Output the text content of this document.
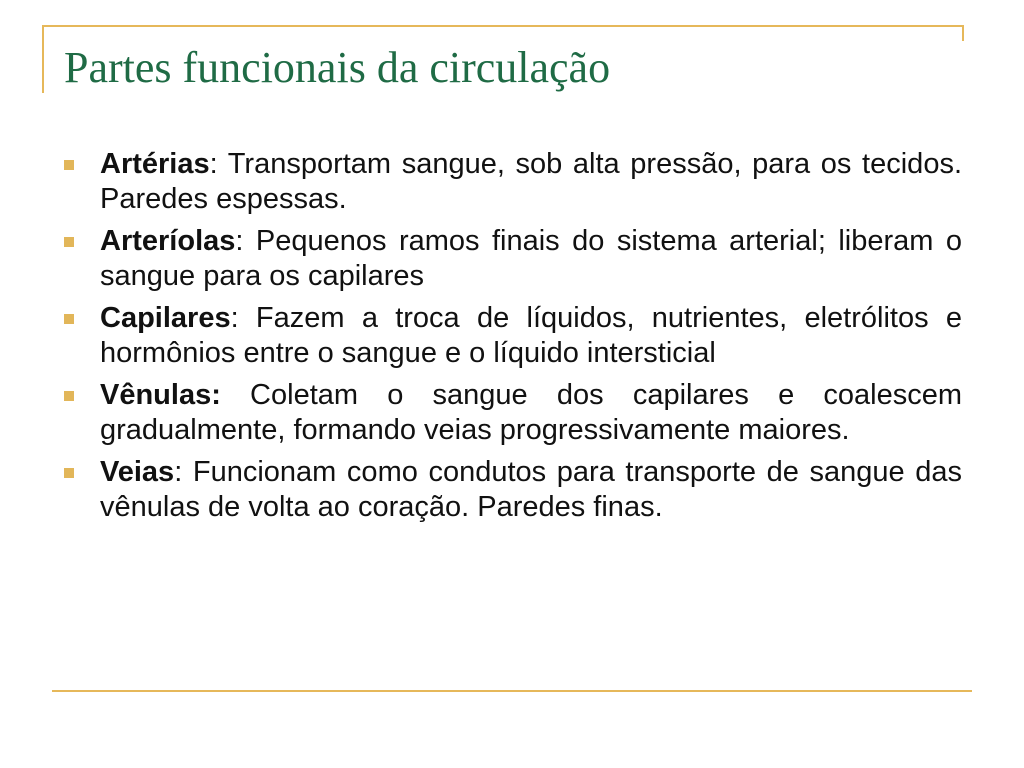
Partes funcionais da circulação
Artérias: Transportam sangue, sob alta pressão, para os tecidos. Paredes espessas.
Arteríolas: Pequenos ramos finais do sistema arterial; liberam o sangue para os capilares
Capilares: Fazem a troca de líquidos, nutrientes, eletrólitos e hormônios entre o sangue e o líquido intersticial
Vênulas: Coletam o sangue dos capilares e coalescem gradualmente, formando veias progressivamente maiores.
Veias: Funcionam como condutos para transporte de sangue das vênulas de volta ao coração. Paredes finas.
